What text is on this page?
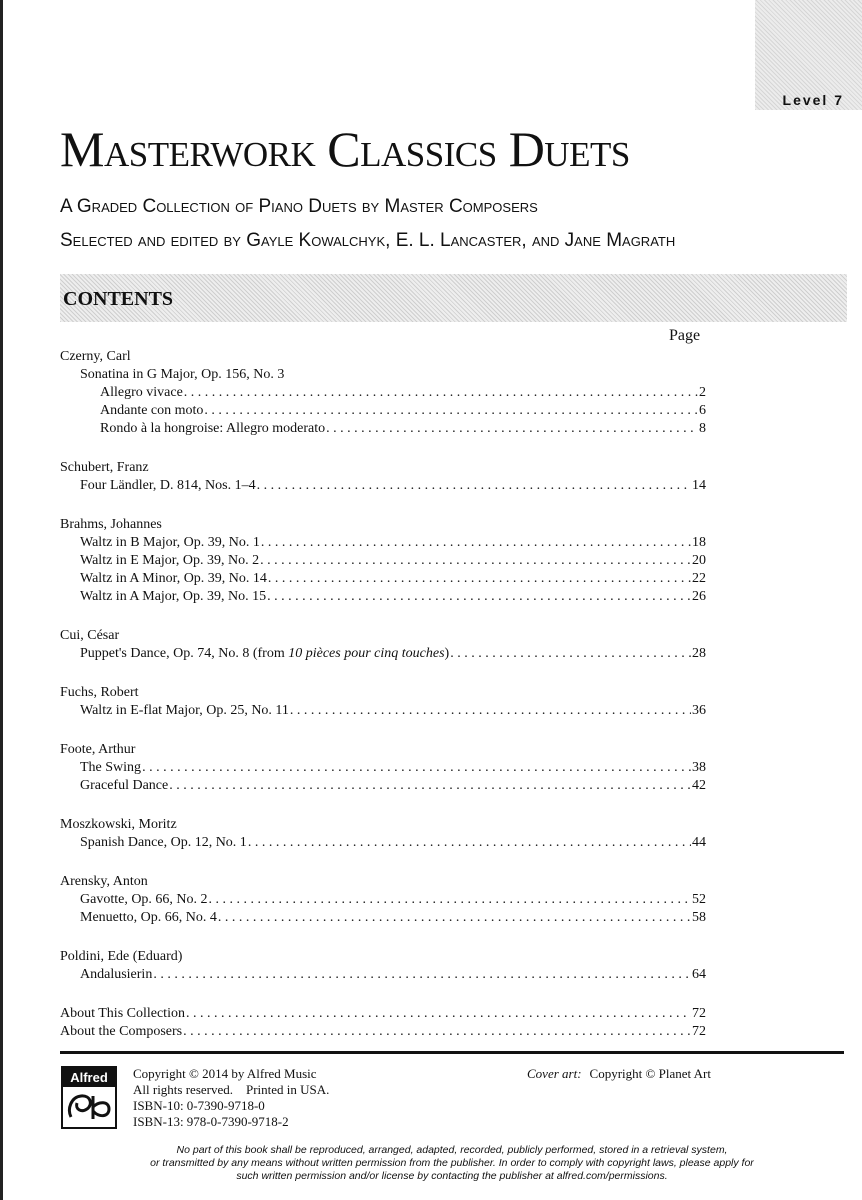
Level 7
Masterwork Classics Duets
A Graded Collection of Piano Duets by Master Composers
Selected and edited by Gayle Kowalchyk, E. L. Lancaster, and Jane Magrath
CONTENTS
Page
Czerny, Carl
Sonatina in G Major, Op. 156, No. 3
Allegro vivace . . .	2
Andante con moto . . .	6
Rondo à la hongroise: Allegro moderato . . .	8
Schubert, Franz
Four Ländler, D. 814, Nos. 1–4 . . .	14
Brahms, Johannes
Waltz in B Major, Op. 39, No. 1 . . .	18
Waltz in E Major, Op. 39, No. 2 . . .	20
Waltz in A Minor, Op. 39, No. 14 . . .	22
Waltz in A Major, Op. 39, No. 15 . . .	26
Cui, César
Puppet's Dance, Op. 74, No. 8 (from 10 pièces pour cinq touches) . . .	28
Fuchs, Robert
Waltz in E-flat Major, Op. 25, No. 11 . . .	36
Foote, Arthur
The Swing . . .	38
Graceful Dance . . .	42
Moszkowski, Moritz
Spanish Dance, Op. 12, No. 1 . . .	44
Arensky, Anton
Gavotte, Op. 66, No. 2 . . .	52
Menuetto, Op. 66, No. 4 . . .	58
Poldini, Ede (Eduard)
Andalusierin . . .	64
About This Collection . . .	72
About the Composers . . .	72
Alfred	Copyright © 2014 by Alfred Music
All rights reserved.    Printed in USA.
ISBN-10: 0-7390-9718-0
ISBN-13: 978-0-7390-9718-2
Cover art: Copyright © Planet Art
No part of this book shall be reproduced, arranged, adapted, recorded, publicly performed, stored in a retrieval system,
or transmitted by any means without written permission from the publisher. In order to comply with copyright laws, please apply for
such written permission and/or license by contacting the publisher at alfred.com/permissions.
